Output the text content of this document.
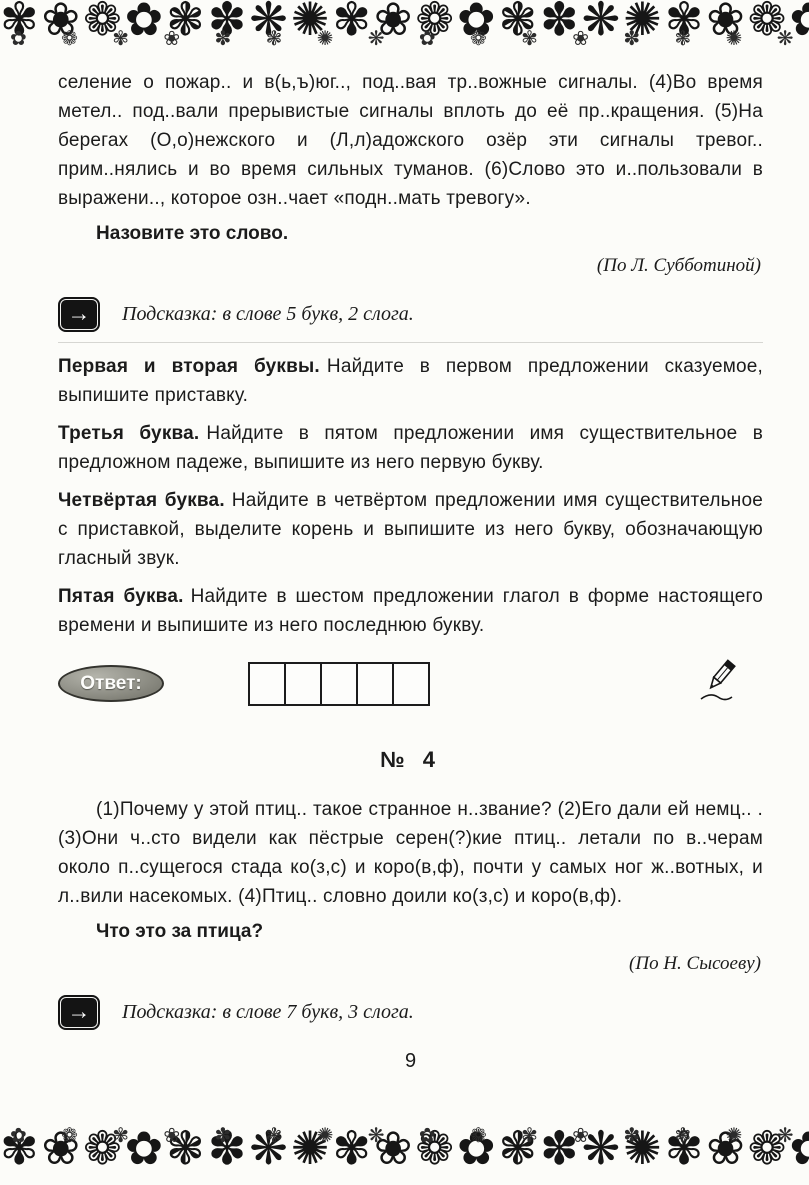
✾❀❁✿❃✽❋✺✾❀❁✿❃✽❋✺✾❀❁✿❃✽❋✺✾❀❁✿❃✽ ✿ ❁ ✾ ❀ ✽ ❃ ✺ ❋ ✿ ❁ ✾ ❀ ✽ ❃ ✺ ❋ ✿ ❁ ✾ ❀ ✽ ❃

селение о пожар.. и в(ь,ъ)юг.., под..вая тр..вожные сигналы. (4)Во время метел.. под..вали прерывистые сигналы вплоть до её пр..кращения. (5)На берегах (О,о)нежского и (Л,л)адожского озёр эти сигналы тревог.. прим..нялись и во время сильных туманов. (6)Слово это и..пользовали в выражени.., которое озн..чает «подн..мать тревогу».

Назовите это слово.

(По Л. Субботиной)

→ Подсказка: в слове 5 букв, 2 слога.

Первая и вторая буквы. Найдите в первом предложении сказуемое, выпишите приставку.

Третья буква. Найдите в пятом предложении имя существительное в предложном падеже, выпишите из него первую букву.

Четвёртая буква. Найдите в четвёртом предложении имя существительное с приставкой, выделите корень и выпишите из него букву, обозначающую гласный звук.

Пятая буква. Найдите в шестом предложении глагол в форме настоящего времени и выпишите из него последнюю букву.

Ответ:
№ 4

(1)Почему у этой птиц.. такое странное н..звание? (2)Его дали ей немц.. . (3)Они ч..сто видели как пёстрые серен(?)кие птиц.. летали по в..черам около п..сущегося стада ко(з,с) и коро(в,ф), почти у самых ног ж..вотных, и л..вили насекомых. (4)Птиц.. словно доили ко(з,с) и коро(в,ф).

Что это за птица?

(По Н. Сысоеву)

→ Подсказка: в слове 7 букв, 3 слога.
9
✾❀❁✿❃✽❋✺✾❀❁✿❃✽❋✺✾❀❁✿❃✽❋✺✾❀❁✿❃✽ ✿ ❁ ✾ ❀ ✽ ❃ ✺ ❋ ✿ ❁ ✾ ❀ ✽ ❃ ✺ ❋ ✿ ❁ ✾ ❀ ✽ ❃
